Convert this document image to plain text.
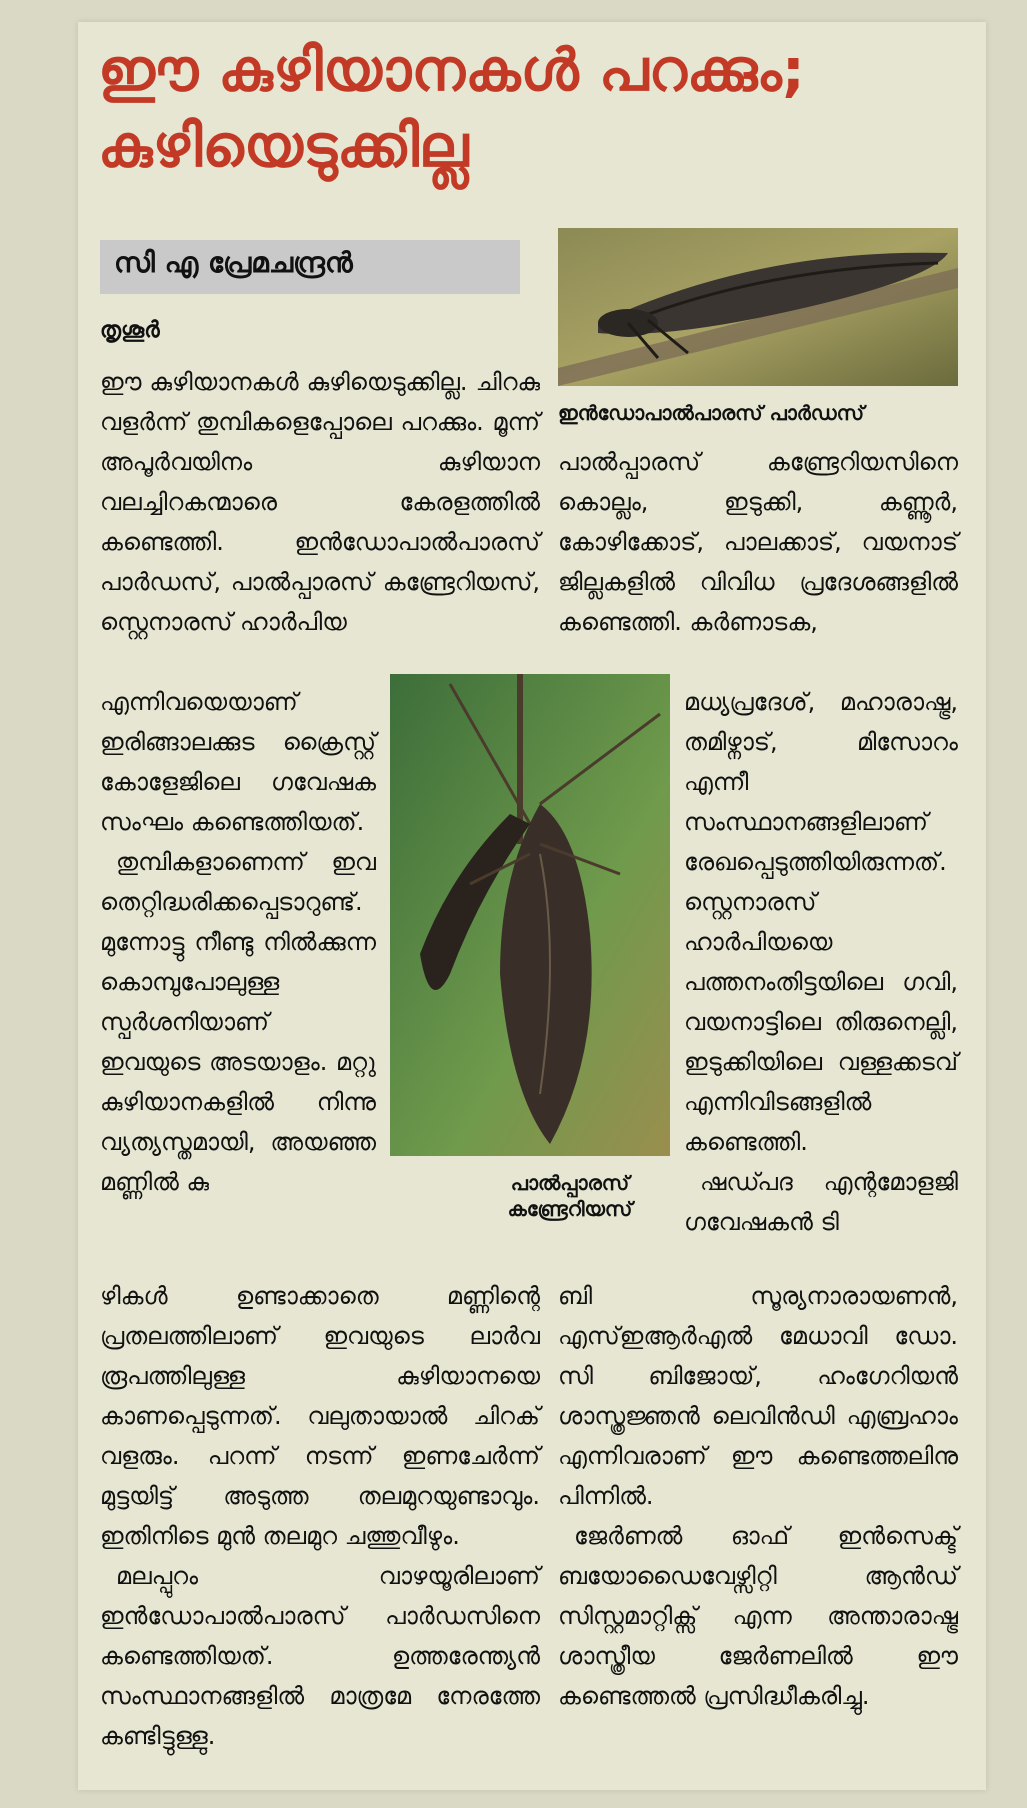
ഈ കുഴിയാനകൾ പറക്കും;
കുഴിയെടുക്കില്ല
സി എ പ്രേമചന്ദ്രൻ
തൃശൂർ
ഇൻഡോപാൽപാരസ് പാർഡസ്
പാൽപ്പാരസ്
കണ്ട്രേറിയസ്

ഈ കുഴിയാനകൾ കുഴിയെടുക്കില്ല. ചിറകു വളർന്ന് തുമ്പികളെപ്പോലെ പറക്കും. മൂന്ന് അപൂർവയിനം കുഴിയാന വലച്ചിറകന്മാരെ കേരളത്തിൽ കണ്ടെത്തി. ഇൻഡോപാൽപാരസ് പാർഡസ്, പാൽപ്പാരസ് കണ്ട്രേറിയസ്, സ്റ്റെനാരസ് ഹാർപിയ

എന്നിവയെയാണ് ഇരിങ്ങാലക്കുട ക്രൈസ്റ്റ് കോളേജിലെ ഗവേഷക സംഘം കണ്ടെത്തിയത്.

തുമ്പികളാണെന്ന് ഇവ തെറ്റിദ്ധരിക്കപ്പെടാറുണ്ട്. മുന്നോട്ടു നീണ്ടു നിൽക്കുന്ന കൊമ്പുപോലുള്ള സ്പർശനിയാണ് ഇവയുടെ അടയാളം. മറ്റു കുഴിയാനകളിൽ നിന്നു വ്യത്യസ്തമായി, അയഞ്ഞ മണ്ണിൽ കു

ഴികൾ ഉണ്ടാക്കാതെ മണ്ണിന്റെ പ്രതലത്തിലാണ് ഇവയുടെ ലാർവ രൂപത്തിലുള്ള കുഴിയാനയെ കാണപ്പെടുന്നത്. വലുതായാൽ ചിറക് വളരും. പറന്ന് നടന്ന് ഇണചേർന്ന് മുട്ടയിട്ട് അടുത്ത തലമുറയുണ്ടാവും. ഇതിനിടെ മുൻ തലമുറ ചത്തുവീഴും.

മലപ്പുറം വാഴയൂരിലാണ് ഇൻഡോപാൽപാരസ് പാർഡസിനെ കണ്ടെത്തിയത്. ഉത്തരേന്ത്യൻ സംസ്ഥാനങ്ങളിൽ മാത്രമേ നേരത്തേ കണ്ടിട്ടുള്ളു.

പാൽപ്പാരസ് കണ്ട്രേറിയസിനെ കൊല്ലം, ഇടുക്കി, കണ്ണൂർ, കോഴിക്കോട്, പാലക്കാട്, വയനാട് ജില്ലകളിൽ വിവിധ പ്രദേശങ്ങളിൽ കണ്ടെത്തി. കർണാടക,

മധ്യപ്രദേശ്, മഹാരാഷ്ട്ര, തമിഴ്നാട്, മിസോറം എന്നീ സംസ്ഥാനങ്ങളിലാണ് രേഖപ്പെടുത്തിയിരുന്നത്. സ്റ്റെനാരസ് ഹാർപിയയെ പത്തനംതിട്ടയിലെ ഗവി, വയനാട്ടിലെ തിരുനെല്ലി, ഇടുക്കിയിലെ വള്ളക്കടവ് എന്നിവിടങ്ങളിൽ കണ്ടെത്തി.

ഷഡ്പദ എന്റമോളജി ഗവേഷകൻ ടി

ബി സൂര്യനാരായണൻ, എസ്ഇആർഎൽ മേധാവി ഡോ. സി ബിജോയ്, ഹംഗേറിയൻ ശാസ്ത്രജ്ഞൻ ലെവിൻഡി എബ്രഹാം എന്നിവരാണ് ഈ കണ്ടെത്തലിനു പിന്നിൽ.

ജേർണൽ ഓഫ് ഇൻസെക്ട് ബയോഡൈവേഴ്സിറ്റി ആൻഡ് സിസ്റ്റമാറ്റിക്സ് എന്ന അന്താരാഷ്ട്ര ശാസ്ത്രീയ ജേർണലിൽ ഈ കണ്ടെത്തൽ പ്രസിദ്ധീകരിച്ചു.
